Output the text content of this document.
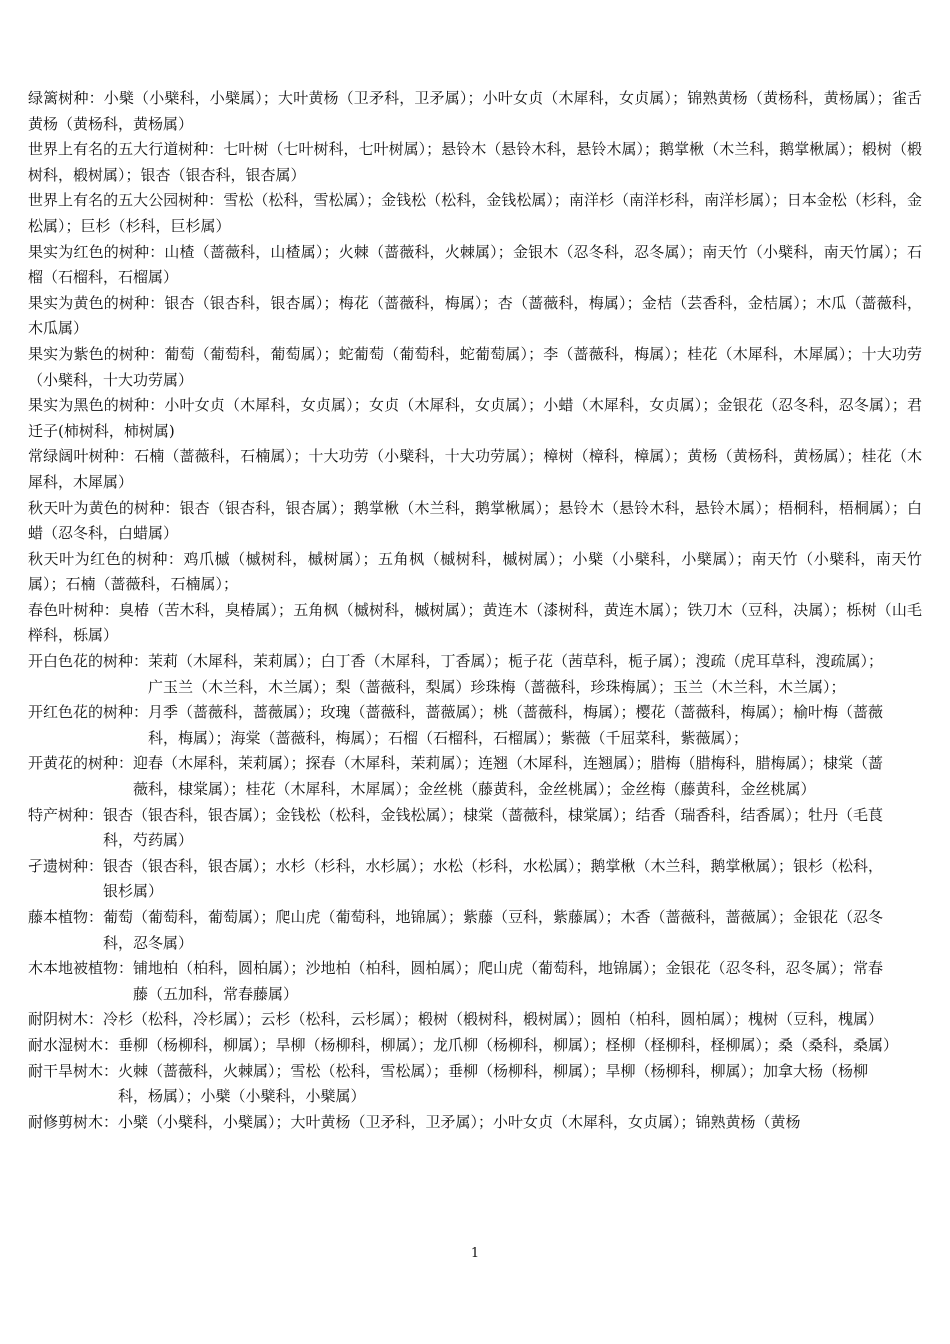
绿篱树种：小檗（小檗科，小檗属）；大叶黄杨（卫矛科，卫矛属）；小叶女贞（木犀科，女贞属）；锦熟黄杨（黄杨科，黄杨属）；雀舌黄杨（黄杨科，黄杨属）
世界上有名的五大行道树种：七叶树（七叶树科，七叶树属）；悬铃木（悬铃木科，悬铃木属）；鹅掌楸（木兰科，鹅掌楸属）；椴树（椴树科，椴树属）；银杏（银杏科，银杏属）
世界上有名的五大公园树种：雪松（松科，雪松属）；金钱松（松科，金钱松属）；南洋杉（南洋杉科，南洋杉属）；日本金松（杉科，金松属）；巨杉（杉科，巨杉属）
果实为红色的树种：山楂（蔷薇科，山楂属）；火棘（蔷薇科，火棘属）；金银木（忍冬科，忍冬属）；南天竹（小檗科，南天竹属）；石榴（石榴科，石榴属）
果实为黄色的树种：银杏（银杏科，银杏属）；梅花（蔷薇科，梅属）；杏（蔷薇科，梅属）；金桔（芸香科，金桔属）；木瓜（蔷薇科，木瓜属）
果实为紫色的树种：葡萄（葡萄科，葡萄属）；蛇葡萄（葡萄科，蛇葡萄属）；李（蔷薇科，梅属）；桂花（木犀科，木犀属）；十大功劳（小檗科，十大功劳属）
果实为黑色的树种：小叶女贞（木犀科，女贞属）；女贞（木犀科，女贞属）；小蜡（木犀科，女贞属）；金银花（忍冬科，忍冬属）；君迁子(柿树科，柿树属)
常绿阔叶树种：石楠（蔷薇科，石楠属）；十大功劳（小檗科，十大功劳属）；樟树（樟科，樟属）；黄杨（黄杨科，黄杨属）；桂花（木犀科，木犀属）
秋天叶为黄色的树种：银杏（银杏科，银杏属）；鹅掌楸（木兰科，鹅掌楸属）；悬铃木（悬铃木科，悬铃木属）；梧桐科，梧桐属）；白蜡（忍冬科，白蜡属）
秋天叶为红色的树种：鸡爪槭（槭树科，槭树属）；五角枫（槭树科，槭树属）；小檗（小檗科，小檗属）；南天竹（小檗科，南天竹属）；石楠（蔷薇科，石楠属）；
春色叶树种：臭椿（苦木科，臭椿属）；五角枫（槭树科，槭树属）；黄连木（漆树科，黄连木属）；铁刀木（豆科，决属）；栎树（山毛榉科，栎属）
开白色花的树种： 茉莉（木犀科，茉莉属）；白丁香（木犀科，丁香属）；栀子花（茜草科，栀子属）；溲疏（虎耳草科，溲疏属）；广玉兰（木兰科，木兰属）；梨（蔷薇科，梨属）珍珠梅（蔷薇科，珍珠梅属）；玉兰（木兰科，木兰属）；
开红色花的树种： 月季（蔷薇科，蔷薇属）；玫瑰（蔷薇科，蔷薇属）；桃（蔷薇科，梅属）；樱花（蔷薇科，梅属）；榆叶梅（蔷薇科，梅属）；海棠（蔷薇科，梅属）；石榴（石榴科，石榴属）；紫薇（千屈菜科，紫薇属）；
开黄花的树种： 迎春（木犀科，茉莉属）；探春（木犀科，茉莉属）；连翘（木犀科，连翘属）；腊梅（腊梅科，腊梅属）；棣棠（蔷薇科，棣棠属）；桂花（木犀科，木犀属）；金丝桃（藤黄科，金丝桃属）；金丝梅（藤黄科，金丝桃属）
特产树种： 银杏（银杏科，银杏属）；金钱松（松科，金钱松属）；棣棠（蔷薇科，棣棠属）；结香（瑞香科，结香属）；牡丹（毛茛科，芍药属）
孑遗树种： 银杏（银杏科，银杏属）；水杉（杉科，水杉属）；水松（杉科，水松属）；鹅掌楸（木兰科，鹅掌楸属）；银杉（松科，银杉属）
藤本植物： 葡萄（葡萄科，葡萄属）；爬山虎（葡萄科，地锦属）；紫藤（豆科，紫藤属）；木香（蔷薇科，蔷薇属）；金银花（忍冬科，忍冬属）
木本地被植物： 铺地柏（柏科，圆柏属）；沙地柏（柏科，圆柏属）；爬山虎（葡萄科，地锦属）；金银花（忍冬科，忍冬属）；常春藤（五加科，常春藤属）
耐阴树木： 冷杉（松科，冷杉属）；云杉（松科，云杉属）；椴树（椴树科，椴树属）；圆柏（柏科，圆柏属）；槐树（豆科，槐属）
耐水湿树木： 垂柳（杨柳科，柳属）；旱柳（杨柳科，柳属）；龙爪柳（杨柳科，柳属）；柽柳（柽柳科，柽柳属）；桑（桑科，桑属）
耐干旱树木： 火棘（蔷薇科，火棘属）；雪松（松科，雪松属）；垂柳（杨柳科，柳属）；旱柳（杨柳科，柳属）；加拿大杨（杨柳科，杨属）；小檗（小檗科，小檗属）
耐修剪树木： 小檗（小檗科，小檗属）；大叶黄杨（卫矛科，卫矛属）；小叶女贞（木犀科，女贞属）；锦熟黄杨（黄杨
1
